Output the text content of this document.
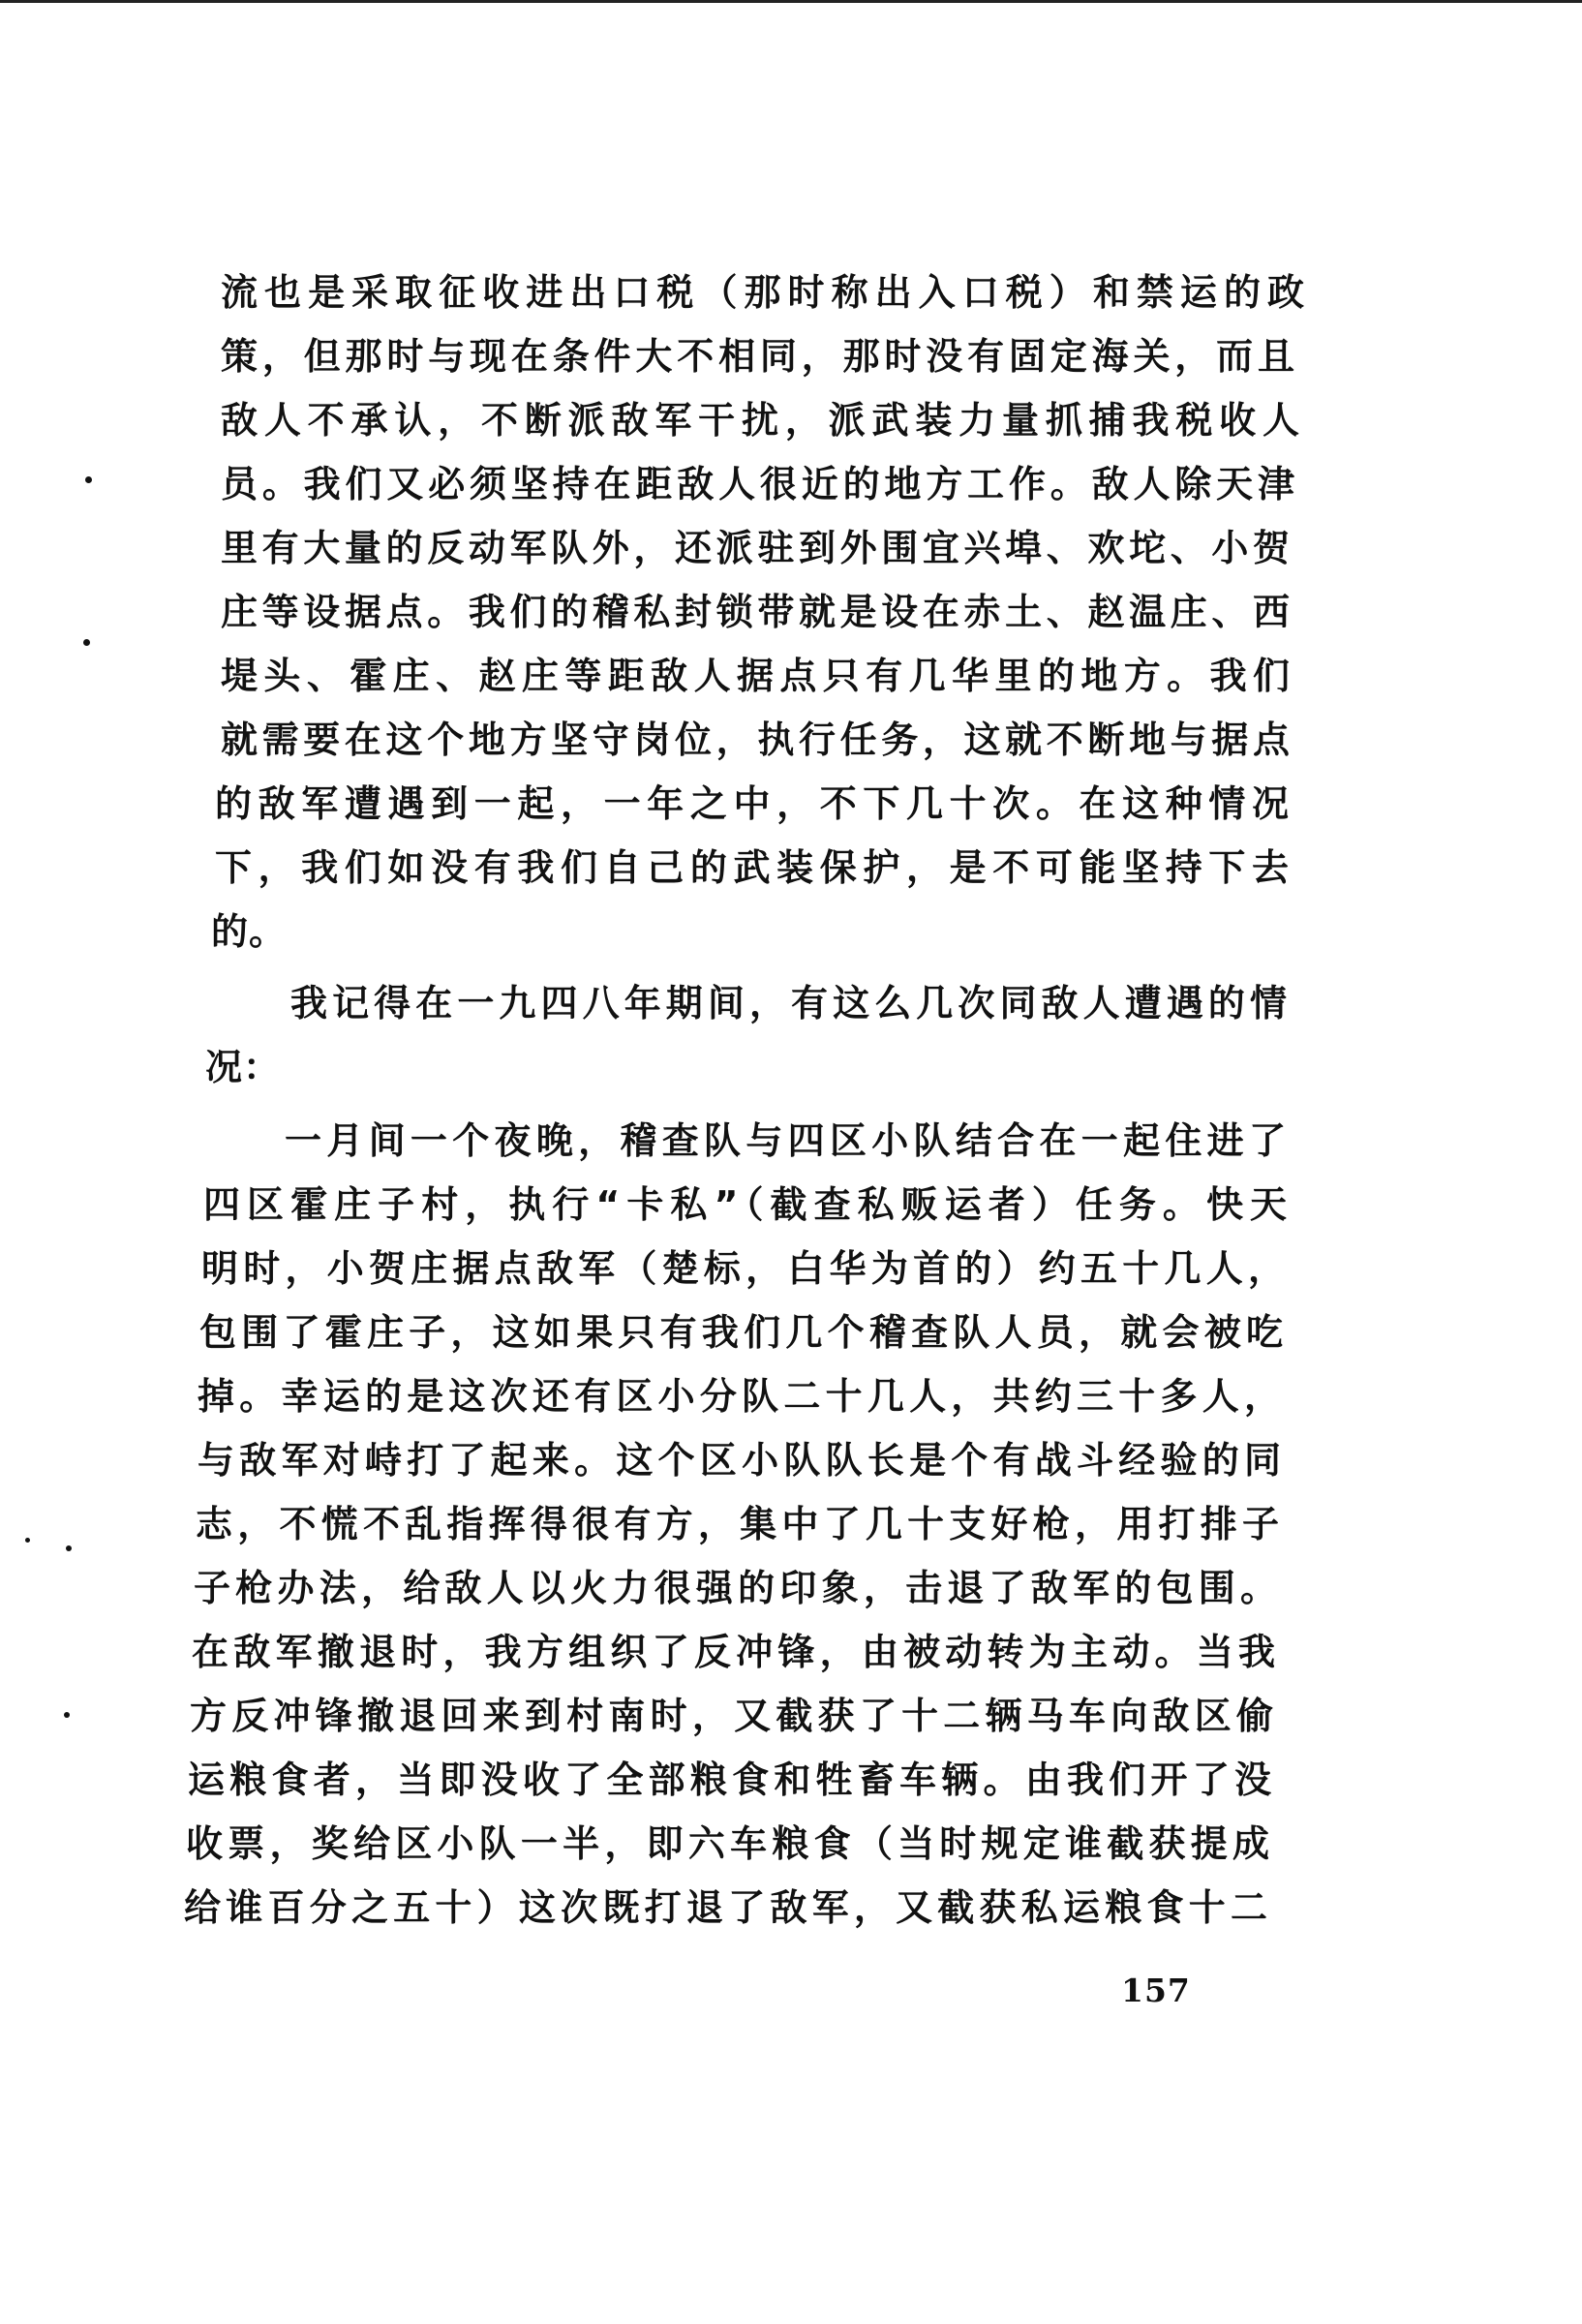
流也是采取征收进出口税（那时称出入口税）和禁运的政
策，但那时与现在条件大不相同，那时没有固定海关，而且
敌人不承认，不断派敌军干扰，派武装力量抓捕我税收人
员。我们又必须坚持在距敌人很近的地方工作。敌人除天津
里有大量的反动军队外，还派驻到外围宜兴埠、欢坨、小贺
庄等设据点。我们的稽私封锁带就是设在赤土、赵温庄、西
堤头、霍庄、赵庄等距敌人据点只有几华里的地方。我们
就需要在这个地方坚守岗位，执行任务，这就不断地与据点
的敌军遭遇到一起，一年之中，不下几十次。在这种情况
下，我们如没有我们自己的武装保护，是不可能坚持下去
的。
我记得在一九四八年期间，有这么几次同敌人遭遇的情
况：
一月间一个夜晚，稽查队与四区小队结合在一起住进了
四区霍庄子村，执行“卡私”（截查私贩运者）任务。快天
明时，小贺庄据点敌军（楚标，白华为首的）约五十几人，
包围了霍庄子，这如果只有我们几个稽查队人员，就会被吃
掉。幸运的是这次还有区小分队二十几人，共约三十多人，
与敌军对峙打了起来。这个区小队队长是个有战斗经验的同
志，不慌不乱指挥得很有方，集中了几十支好枪，用打排子
子枪办法，给敌人以火力很强的印象，击退了敌军的包围。
在敌军撤退时，我方组织了反冲锋，由被动转为主动。当我
方反冲锋撤退回来到村南时，又截获了十二辆马车向敌区偷
运粮食者，当即没收了全部粮食和牲畜车辆。由我们开了没
收票，奖给区小队一半，即六车粮食（当时规定谁截获提成
给谁百分之五十）这次既打退了敌军，又截获私运粮食十二
157
